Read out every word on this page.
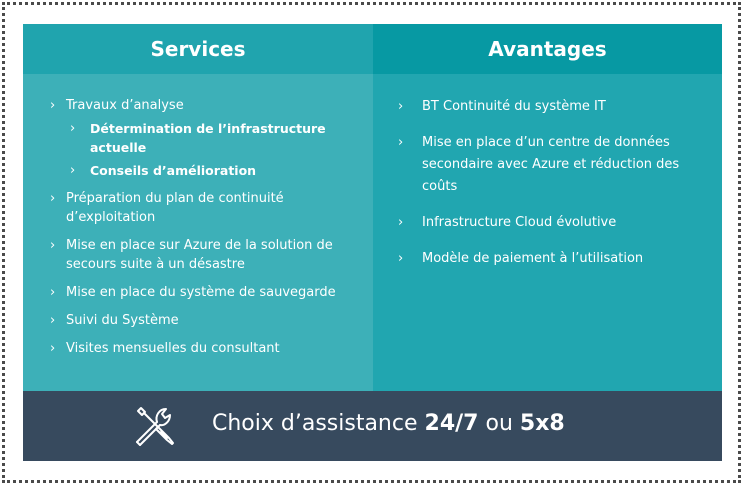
Services
› Travaux d’analyse
› Détermination de l’infrastructure actuelle
› Conseils d’amélioration
› Préparation du plan de continuité d’exploitation
› Mise en place sur Azure de la solution de secours suite à un désastre
› Mise en place du système de sauvegarde
› Suivi du Système
› Visites mensuelles du consultant
Avantages
› BT Continuité du système IT
› Mise en place d’un centre de données secondaire avec Azure et réduction des coûts
› Infrastructure Cloud évolutive
› Modèle de paiement à l’utilisation
Choix d’assistance 24/7 ou 5x8
